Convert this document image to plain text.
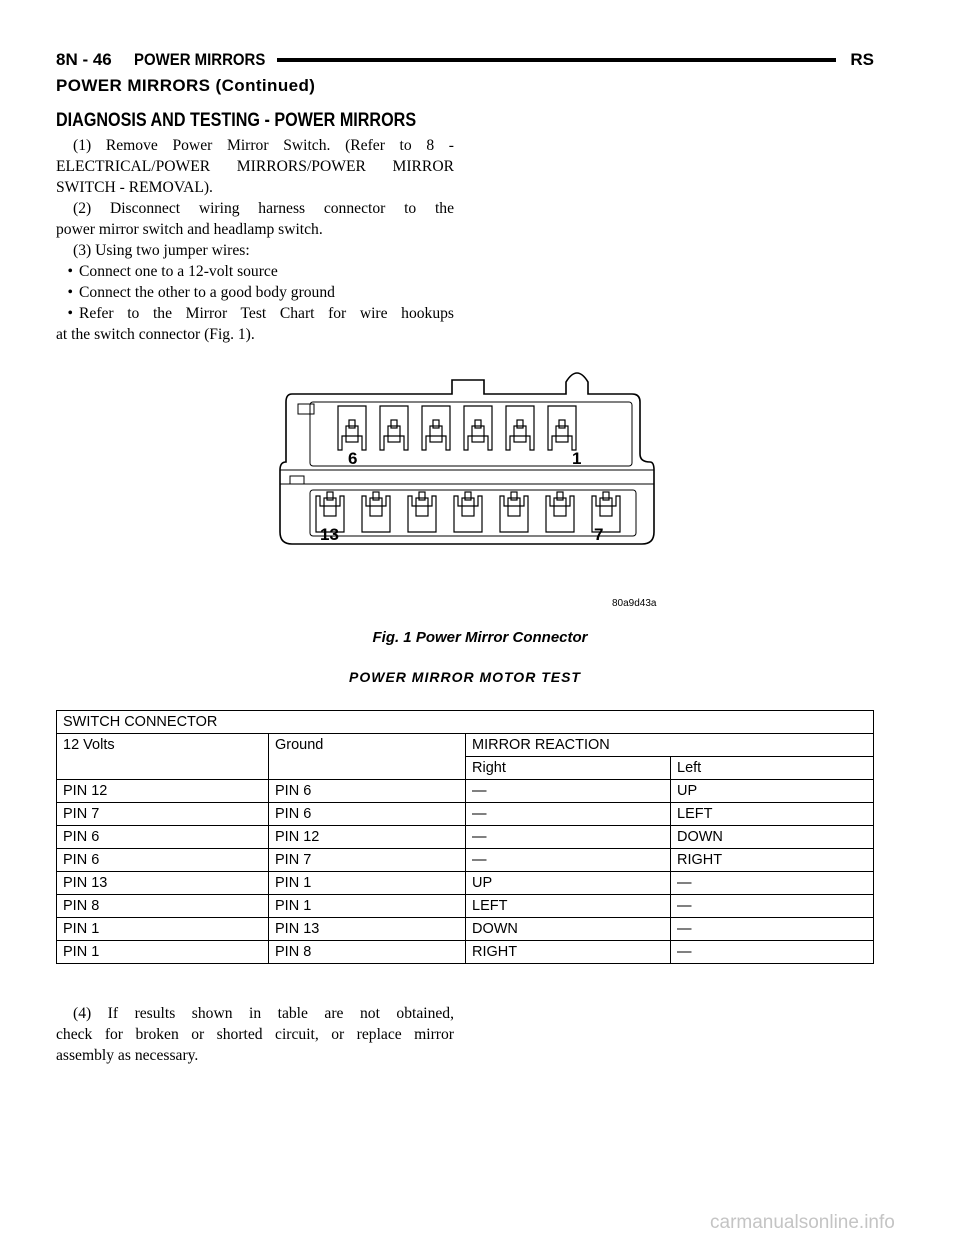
8N - 46 POWER MIRRORS	RS
POWER MIRRORS (Continued)
DIAGNOSIS AND TESTING - POWER MIRRORS

(1) Remove Power Mirror Switch. (Refer to 8 -

ELECTRICAL/POWER MIRRORS/POWER MIRROR

SWITCH - REMOVAL).

(2) Disconnect wiring harness connector to the

power mirror switch and headlamp switch.

(3) Using two jumper wires:

• Connect one to a 12-volt source
• Connect the other to a good body ground
• Refer to the Mirror Test Chart for wire hookups

at the switch connector (Fig. 1).

6	1
13	7
80a9d43a
Fig. 1 Power Mirror Connector
POWER MIRROR MOTOR TEST
SWITCH CONNECTOR			
12 Volts	Ground	MIRROR REACTION	
		Right	Left
PIN 12	PIN 6	—	UP
PIN 7	PIN 6	—	LEFT
PIN 6	PIN 12	—	DOWN
PIN 6	PIN 7	—	RIGHT
PIN 13	PIN 1	UP	—
PIN 8	PIN 1	LEFT	—
PIN 1	PIN 13	DOWN	—
PIN 1	PIN 8	RIGHT	—

(4) If results shown in table are not obtained,

check for broken or shorted circuit, or replace mirror

assembly as necessary.

carmanualsonline.info
